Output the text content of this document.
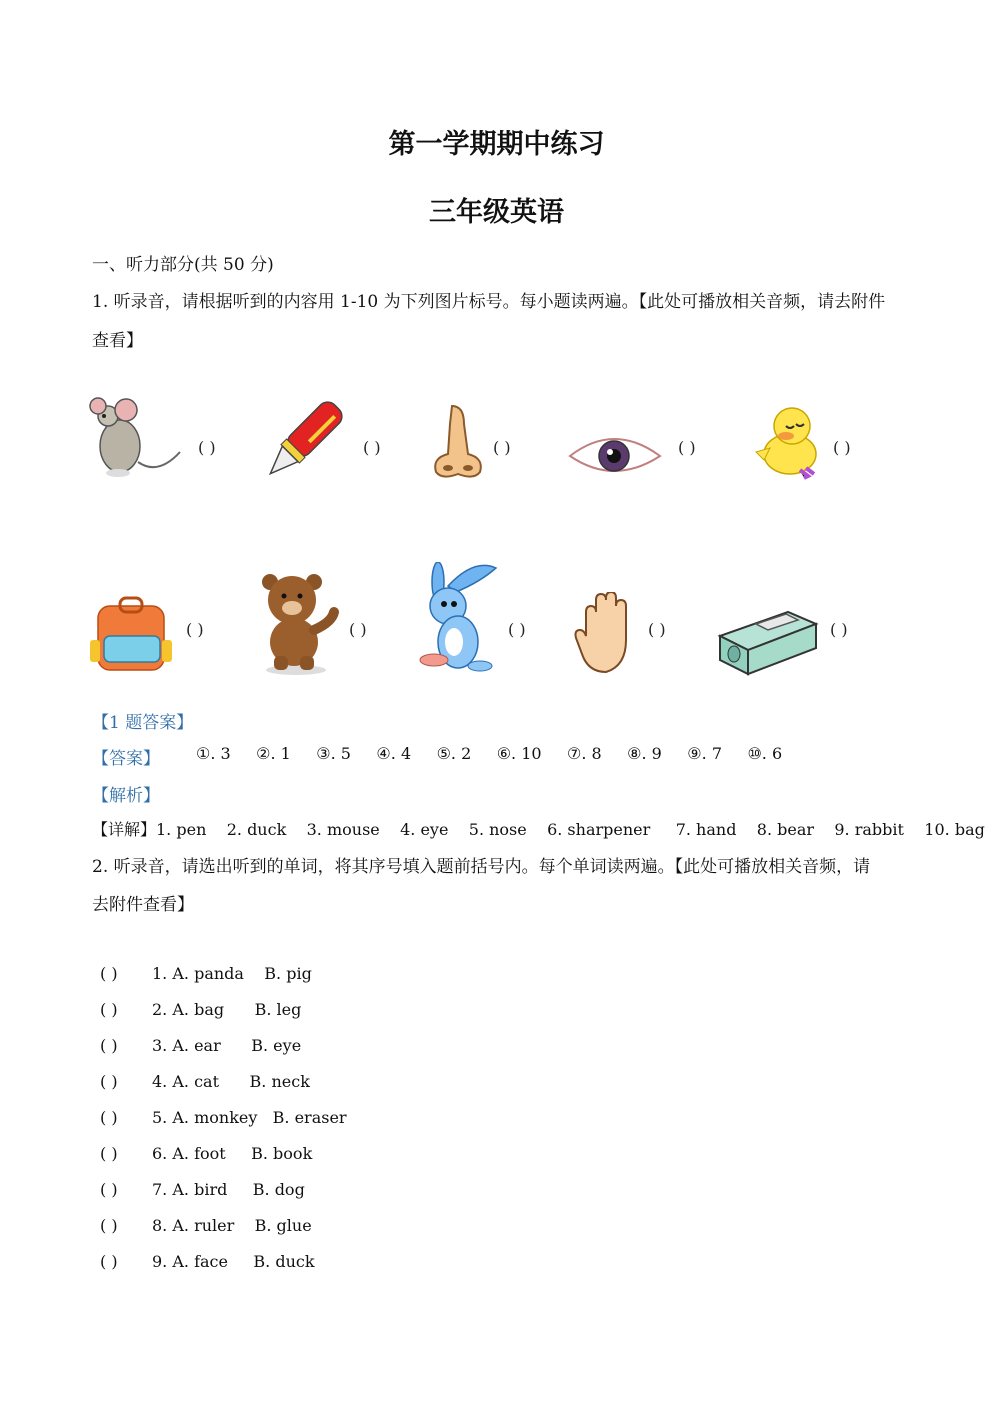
第一学期期中练习
三年级英语
一、听力部分(共 50 分)
1. 听录音，请根据听到的内容用 1-10 为下列图片标号。每小题读两遍。【此处可播放相关音频，请去附件
查看】
( )	( )	( )	( )	( )
( )	( )	( )	( )	( )
【1 题答案】
【答案】 ①. 3 ②. 1 ③. 5 ④. 4 ⑤. 2 ⑥. 10 ⑦. 8 ⑧. 9 ⑨. 7 ⑩. 6
【解析】
【详解】1. pen    2. duck    3. mouse    4. eye    5. nose    6. sharpener     7. hand    8. bear    9. rabbit    10. bag
2. 听录音，请选出听到的单词，将其序号填入题前括号内。每个单词读两遍。【此处可播放相关音频，请
去附件查看】
( ) 1. A. panda    B. pig
( ) 2. A. bag      B. leg
( ) 3. A. ear      B. eye
( ) 4. A. cat      B. neck
( ) 5. A. monkey   B. eraser
( ) 6. A. foot     B. book
( ) 7. A. bird     B. dog
( ) 8. A. ruler    B. glue
( ) 9. A. face     B. duck
